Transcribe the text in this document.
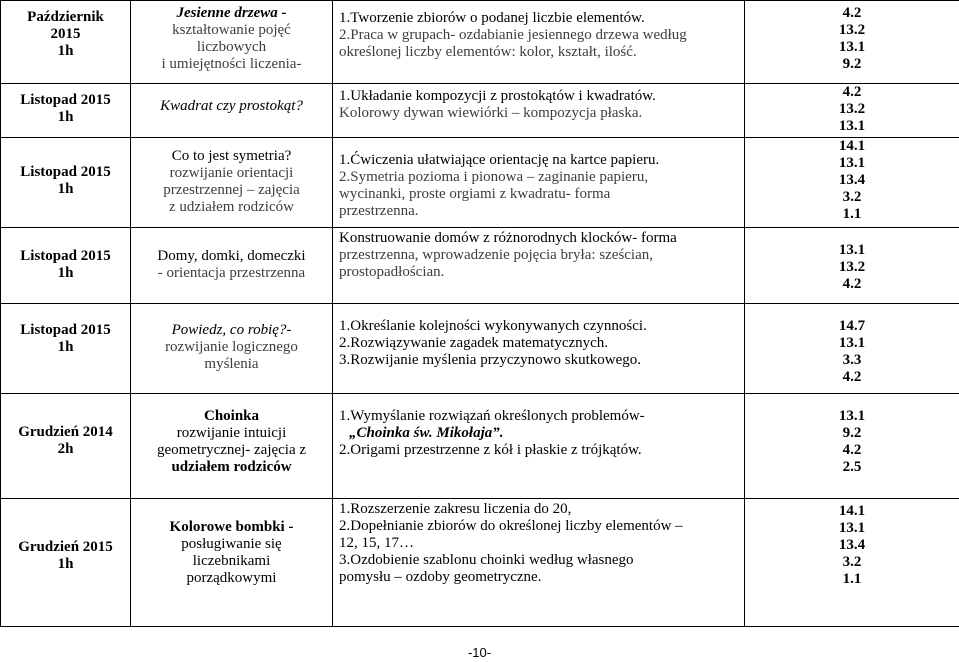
Październik
2015
1h	Jesienne drzewa -
kształtowanie pojęć
liczbowych
i umiejętności liczenia-	1.Tworzenie zbiorów o podanej liczbie elementów.
2.Praca w grupach- ozdabianie jesiennego drzewa według
określonej liczby elementów: kolor, kształt, ilość.	4.2
13.2
13.1
9.2

Listopad 2015
1h	Kwadrat czy prostokąt?	1.Układanie kompozycji z prostokątów i kwadratów.
Kolorowy dywan wiewiórki – kompozycja płaska.	4.2
13.2
13.1

Listopad 2015
1h	Co to jest symetria?
rozwijanie orientacji
przestrzennej – zajęcia
z udziałem rodziców	1.Ćwiczenia ułatwiające orientację na kartce papieru.
2.Symetria pozioma i pionowa – zaginanie papieru,
wycinanki, proste orgiami z kwadratu- forma
przestrzenna.	14.1
13.1
13.4
3.2
1.1

Listopad 2015
1h	Domy, domki, domeczki
- orientacja przestrzenna	Konstruowanie domów z różnorodnych klocków- forma
przestrzenna, wprowadzenie pojęcia bryła: sześcian,
prostopadłościan.	13.1
13.2
4.2

Listopad 2015
1h	Powiedz, co robię?-
rozwijanie logicznego
myślenia	1.Określanie kolejności wykonywanych czynności.
2.Rozwiązywanie zagadek matematycznych.
3.Rozwijanie myślenia przyczynowo skutkowego.	14.7
13.1
3.3
4.2

Grudzień 2014
2h	Choinka
rozwijanie intuicji
geometrycznej- zajęcia z
udziałem rodziców	1.Wymyślanie rozwiązań określonych problemów-
„Choinka św. Mikołaja”.
2.Origami przestrzenne z kół i płaskie z trójkątów.	13.1
9.2
4.2
2.5

Grudzień 2015
1h	Kolorowe bombki -
posługiwanie się
liczebnikami
porządkowymi	1.Rozszerzenie zakresu liczenia do 20,
2.Dopełnianie zbiorów do określonej liczby elementów –
12, 15, 17…
3.Ozdobienie szablonu choinki według własnego
pomysłu – ozdoby geometryczne.	14.1
13.1
13.4
3.2
1.1
-10-
